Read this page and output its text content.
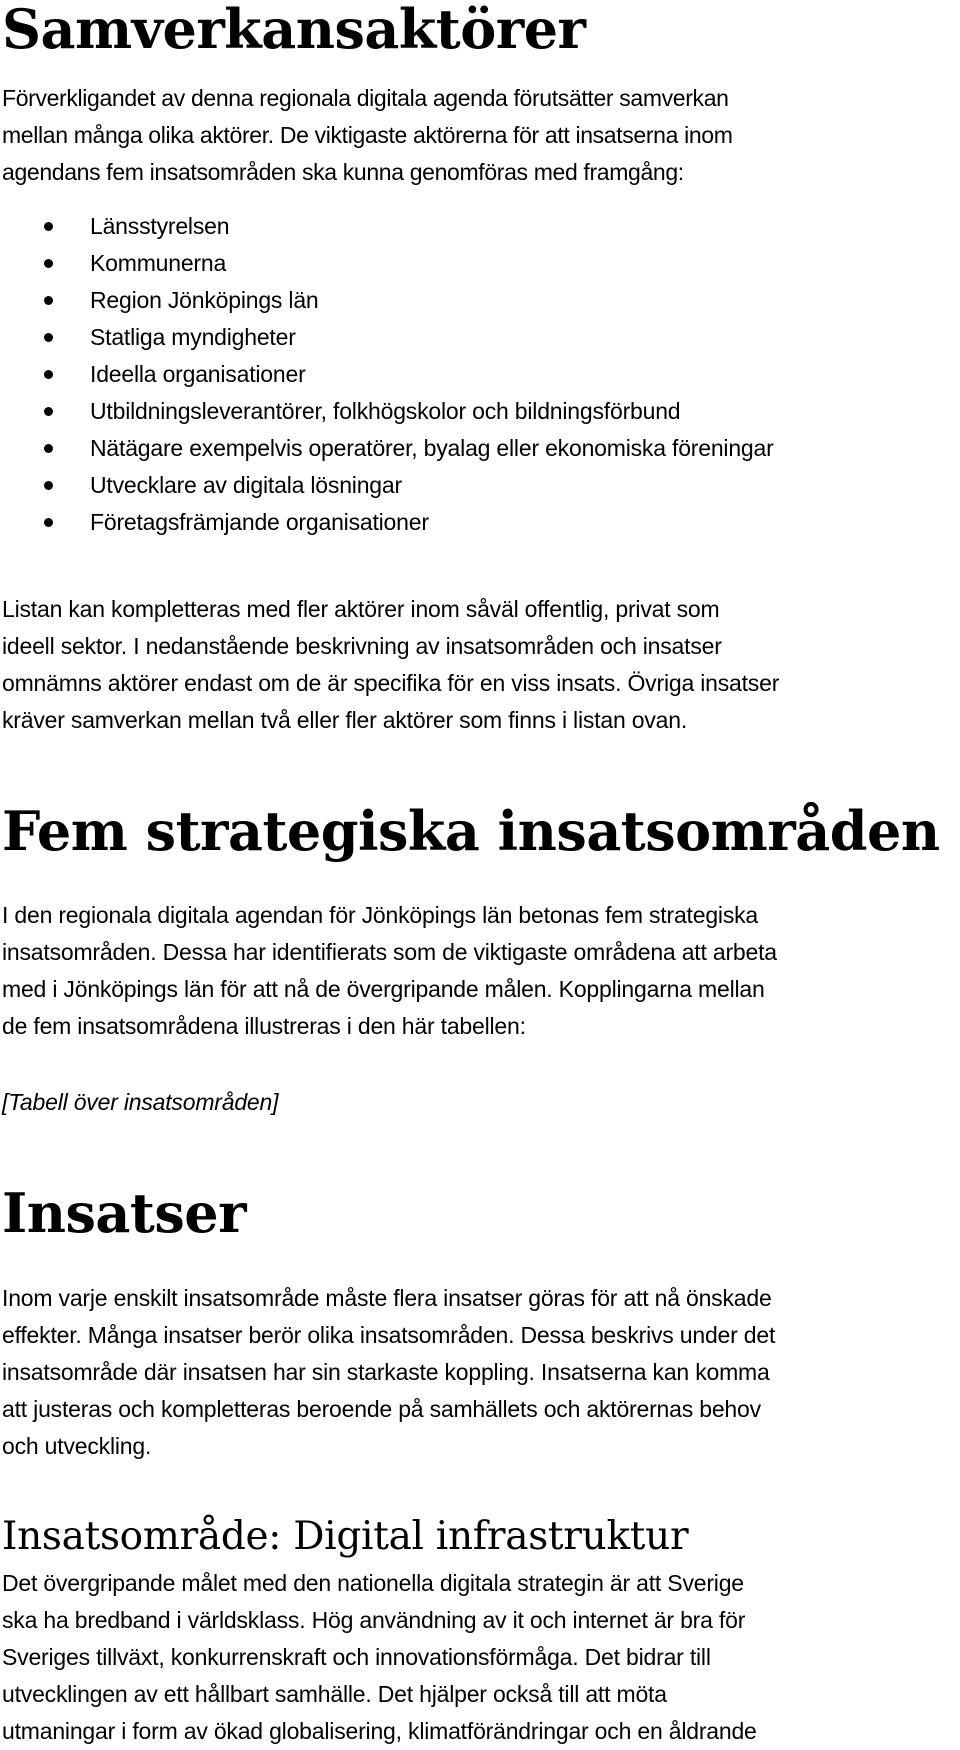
Samverkansaktörer

Förverkligandet av denna regionala digitala agenda förutsätter samverkan

mellan många olika aktörer. De viktigaste aktörerna för att insatserna inom

agendans fem insatsområden ska kunna genomföras med framgång:

Länsstyrelsen
Kommunerna
Region Jönköpings län
Statliga myndigheter
Ideella organisationer
Utbildningsleverantörer, folkhögskolor och bildningsförbund
Nätägare exempelvis operatörer, byalag eller ekonomiska föreningar
Utvecklare av digitala lösningar
Företagsfrämjande organisationer

Listan kan kompletteras med fler aktörer inom såväl offentlig, privat som

ideell sektor. I nedanstående beskrivning av insatsområden och insatser

omnämns aktörer endast om de är specifika för en viss insats. Övriga insatser

kräver samverkan mellan två eller fler aktörer som finns i listan ovan.

Fem strategiska insatsområden

I den regionala digitala agendan för Jönköpings län betonas fem strategiska

insatsområden. Dessa har identifierats som de viktigaste områdena att arbeta

med i Jönköpings län för att nå de övergripande målen. Kopplingarna mellan

de fem insatsområdena illustreras i den här tabellen:

[Tabell över insatsområden]

Insatser

Inom varje enskilt insatsområde måste flera insatser göras för att nå önskade

effekter. Många insatser berör olika insatsområden. Dessa beskrivs under det

insatsområde där insatsen har sin starkaste koppling. Insatserna kan komma

att justeras och kompletteras beroende på samhällets och aktörernas behov

och utveckling.

Insatsområde: Digital infrastruktur

Det övergripande målet med den nationella digitala strategin är att Sverige

ska ha bredband i världsklass. Hög användning av it och internet är bra för

Sveriges tillväxt, konkurrenskraft och innovationsförmåga. Det bidrar till

utvecklingen av ett hållbart samhälle. Det hjälper också till att möta

utmaningar i form av ökad globalisering, klimatförändringar och en åldrande
